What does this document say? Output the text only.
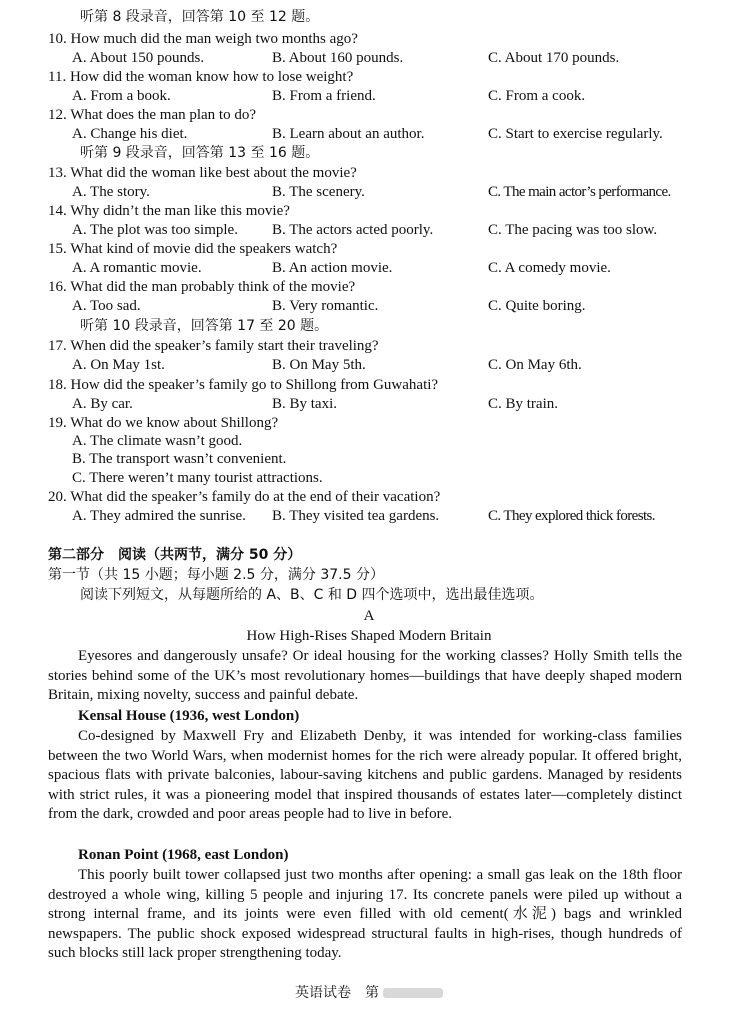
听第 8 段录音，回答第 10 至 12 题。
10. How much did the man weigh two months ago?
A. About 150 pounds.	B. About 160 pounds.	C. About 170 pounds.
11. How did the woman know how to lose weight?
A. From a book.	B. From a friend.	C. From a cook.
12. What does the man plan to do?
A. Change his diet.	B. Learn about an author.	C. Start to exercise regularly.
听第 9 段录音，回答第 13 至 16 题。
13. What did the woman like best about the movie?
A. The story.	B. The scenery.	C. The main actor’s performance.
14. Why didn’t the man like this movie?
A. The plot was too simple. B. The actors acted poorly.	C. The pacing was too slow.
15. What kind of movie did the speakers watch?
A. A romantic movie.	B. An action movie.	C. A comedy movie.
16. What did the man probably think of the movie?
A. Too sad.	B. Very romantic.	C. Quite boring.
听第 10 段录音，回答第 17 至 20 题。
17. When did the speaker’s family start their traveling?
A. On May 1st.	B. On May 5th.	C. On May 6th.
18. How did the speaker’s family go to Shillong from Guwahati?
A. By car.	B. By taxi.	C. By train.
19. What do we know about Shillong?
A. The climate wasn’t good.
B. The transport wasn’t convenient.
C. There weren’t many tourist attractions.
20. What did the speaker’s family do at the end of their vacation?
A. They admired the sunrise. B. They visited tea gardens.	C. They explored thick forests.
第二部分　阅读（共两节，满分 50 分）
第一节（共 15 小题；每小题 2.5 分，满分 37.5 分）
阅读下列短文，从每题所给的 A、B、C 和 D 四个选项中，选出最佳选项。
A
How High-Rises Shaped Modern Britain
Eyesores and dangerously unsafe? Or ideal housing for the working classes? Holly Smith tells the stories behind some of the UK’s most revolutionary homes—buildings that have deeply shaped modern Britain, mixing novelty, success and painful debate.
Kensal House (1936, west London)
Co-designed by Maxwell Fry and Elizabeth Denby, it was intended for working-class families between the two World Wars, when modernist homes for the rich were already popular. It offered bright, spacious flats with private balconies, labour-saving kitchens and public gardens. Managed by residents with strict rules, it was a pioneering model that inspired thousands of estates later—completely distinct from the dark, crowded and poor areas people had to live in before.
Ronan Point (1968, east London)
This poorly built tower collapsed just two months after opening: a small gas leak on the 18th floor destroyed a whole wing, killing 5 people and injuring 17. Its concrete panels were piled up without a strong internal frame, and its joints were even filled with old cement(水泥) bags and wrinkled newspapers. The public shock exposed widespread structural faults in high-rises, though hundreds of such blocks still lack proper strengthening today.
英语试卷　第
